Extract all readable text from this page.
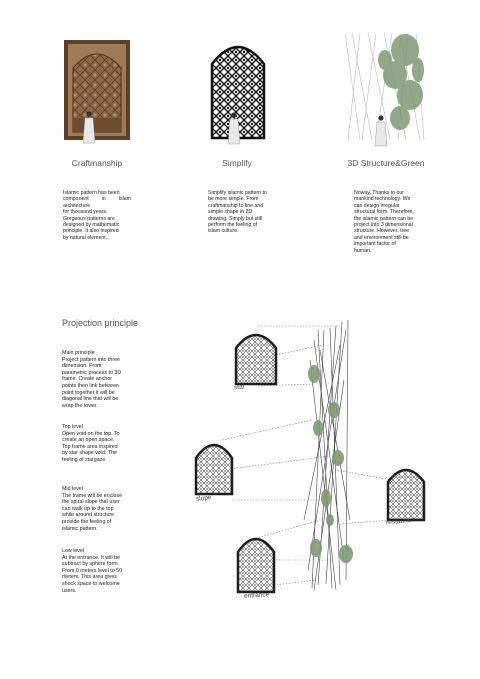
Craftmanship	Simplify	3D Structure&Green
Islamic pattern has been
component in Islam architecture
for thousand years.
Gorgeous patterns are
designed by mathematic
principle. It also inspired
by natural element.
Simplify islamic pattern to
be more simple. From
craftmanship to line and
simple shape in 2D
drawing. Simply but still
perform the feeling of
islam culture.
Noway, Thanks to our
mankind technology. We
can design irregular
structural form. Therefore,
the islamic pattern can be
project into 3 dimensional
structure. However, tree
and environment still be
important factor of
human.
Projection principle
Main principle
Project pattern into three
dimension. From
parametric process to 3D
frame. Create anchor
points then link between
point together it will be
diagonal line that will be
wrap the tower.
Top level
Open void on the top. To
create an open space.
Top frame area inspired
by star shape void. The
feeling of stargaze
Mid level
The frame will be enclose
the spiral slope that user
can walk up to the top
while around structure
provide the feeling of
islamic pattern.
Low level
At the entrance. It will be
subtract by sphere form.
From 0 meters level to 50
meters. This area gives
shock space to welcome
users.
star
slope
restaurant
entrance
